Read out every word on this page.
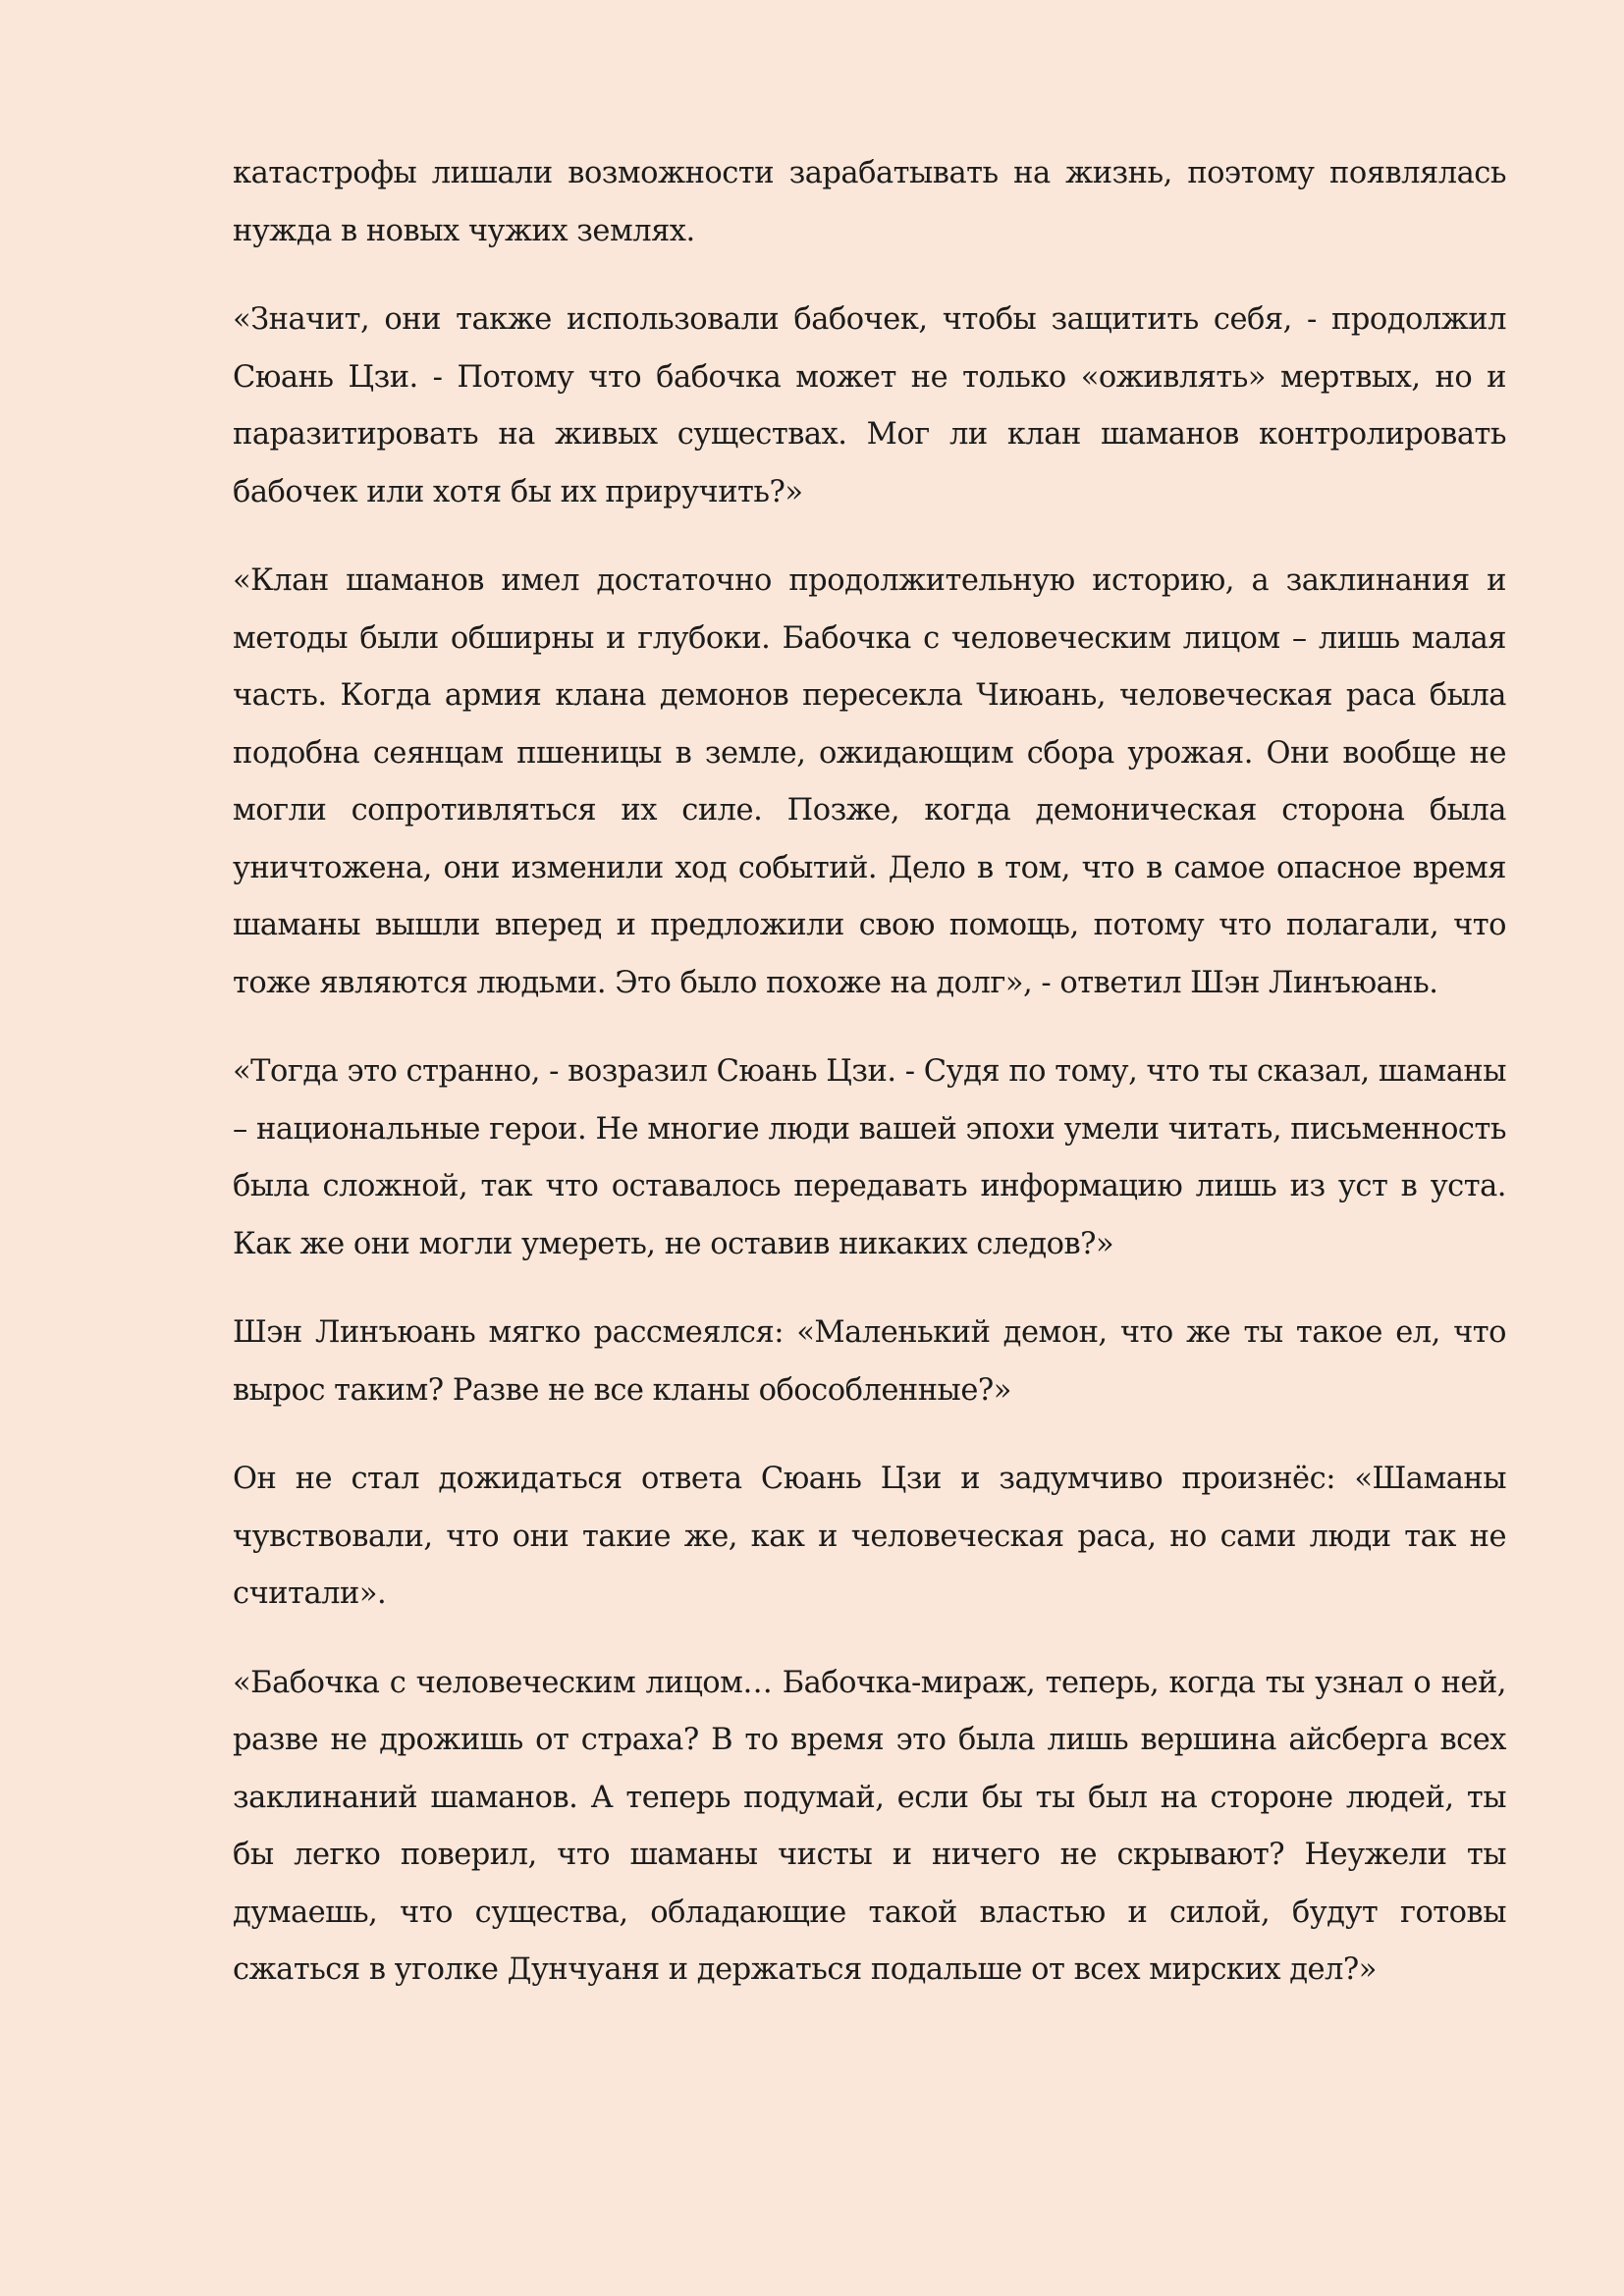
катастрофы лишали возможности зарабатывать на жизнь, поэтому появлялась нужда в новых чужих землях.

«Значит, они также использовали бабочек, чтобы защитить себя, - продолжил Сюань Цзи. - Потому что бабочка может не только «оживлять» мертвых, но и паразитировать на живых существах. Мог ли клан шаманов контролировать бабочек или хотя бы их приручить?»

«Клан шаманов имел достаточно продолжительную историю, а заклинания и методы были обширны и глубоки. Бабочка с человеческим лицом – лишь малая часть. Когда армия клана демонов пересекла Чиюань, человеческая раса была подобна сеянцам пшеницы в земле, ожидающим сбора урожая. Они вообще не могли сопротивляться их силе. Позже, когда демоническая сторона была уничтожена, они изменили ход событий. Дело в том, что в самое опасное время шаманы вышли вперед и предложили свою помощь, потому что полагали, что тоже являются людьми. Это было похоже на долг», - ответил Шэн Линъюань.

«Тогда это странно, - возразил Сюань Цзи. - Судя по тому, что ты сказал, шаманы – национальные герои. Не многие люди вашей эпохи умели читать, письменность была сложной, так что оставалось передавать информацию лишь из уст в уста. Как же они могли умереть, не оставив никаких следов?»

Шэн Линъюань мягко рассмеялся: «Маленький демон, что же ты такое ел, что вырос таким? Разве не все кланы обособленные?»

Он не стал дожидаться ответа Сюань Цзи и задумчиво произнёс: «Шаманы чувствовали, что они такие же, как и человеческая раса, но сами люди так не считали».

«Бабочка с человеческим лицом… Бабочка-мираж, теперь, когда ты узнал о ней, разве не дрожишь от страха? В то время это была лишь вершина айсберга всех заклинаний шаманов. А теперь подумай, если бы ты был на стороне людей, ты бы легко поверил, что шаманы чисты и ничего не скрывают? Неужели ты думаешь, что существа, обладающие такой властью и силой, будут готовы сжаться в уголке Дунчуаня и держаться подальше от всех мирских дел?»
